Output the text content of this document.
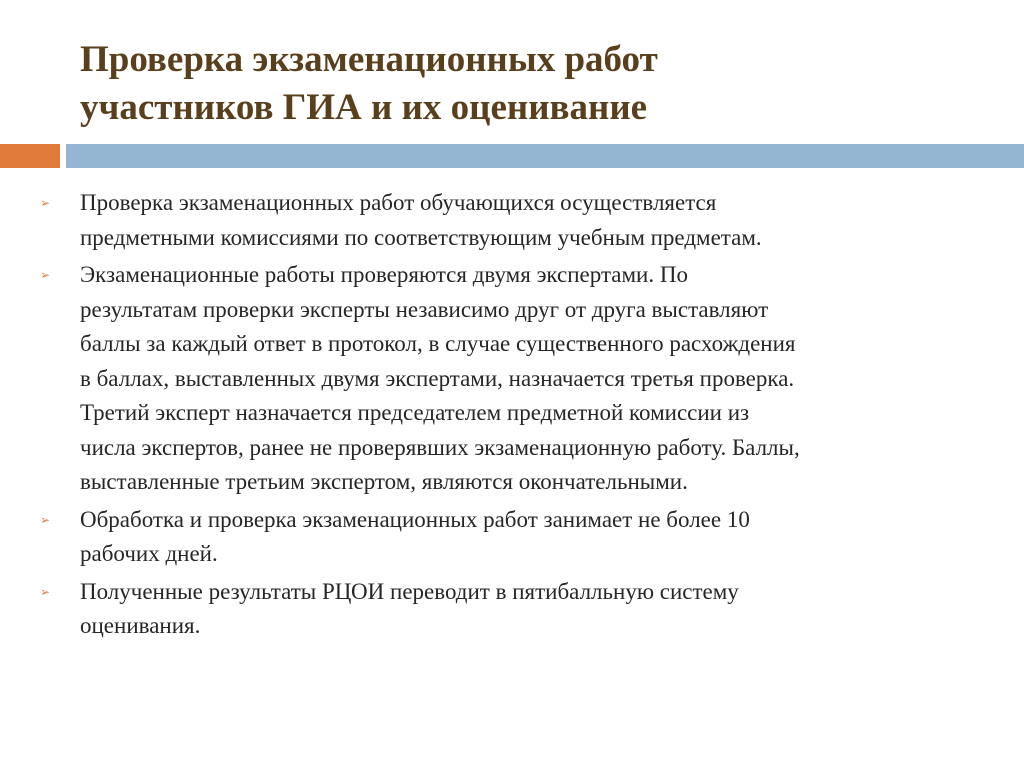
Проверка экзаменационных работ
участников ГИА и их оценивание
➢ Проверка экзаменационных работ обучающихся осуществляется
предметными комиссиями по соответствующим учебным предметам.
➢ Экзаменационные работы проверяются двумя экспертами. По
результатам проверки эксперты независимо друг от друга выставляют
баллы за каждый ответ в протокол, в случае существенного расхождения
в баллах, выставленных двумя экспертами, назначается третья проверка.
Третий эксперт назначается председателем предметной комиссии из
числа экспертов, ранее не проверявших экзаменационную работу. Баллы,
выставленные третьим экспертом, являются окончательными.
➢ Обработка и проверка экзаменационных работ занимает не более 10
рабочих дней.
➢ Полученные результаты РЦОИ переводит в пятибалльную систему
оценивания.
